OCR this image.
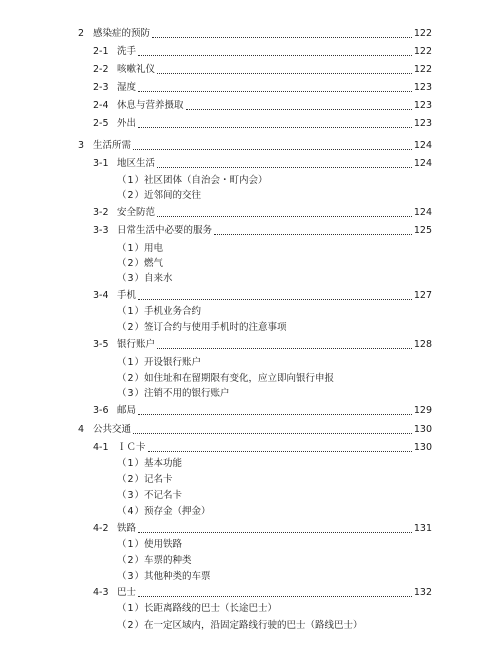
2 感染症的预防	122
2-1 洗手	122
2-2 咳嗽礼仪	122
2-3 湿度	123
2-4 休息与营养摄取	123
2-5 外出	123
3 生活所需	124
3-1 地区生活	124
（1）
社区团体（自治会・町内会）
（2）
近邻间的交往
3-2 安全防范	124
3-3 日常生活中必要的服务	125
（1）
用电
（2）
燃气
（3）
自来水
3-4 手机	127
（1）
手机业务合约
（2）
签订合约与使用手机时的注意事项
3-5 银行账户	128
（1）
开设银行账户
（2）
如住址和在留期限有变化，应立即向银行申报
（3）
注销不用的银行账户
3-6 邮局	129
4 公共交通	130
4-1 ＩＣ卡	130
（1）
基本功能
（2）
记名卡
（3）
不记名卡
（4）
预存金（押金）
4-2 铁路	131
（1）
使用铁路
（2）
车票的种类
（3）
其他种类的车票
4-3 巴士	132
（1）
长距离路线的巴士（长途巴士）
（2）
在一定区域内，沿固定路线行驶的巴士（路线巴士）
